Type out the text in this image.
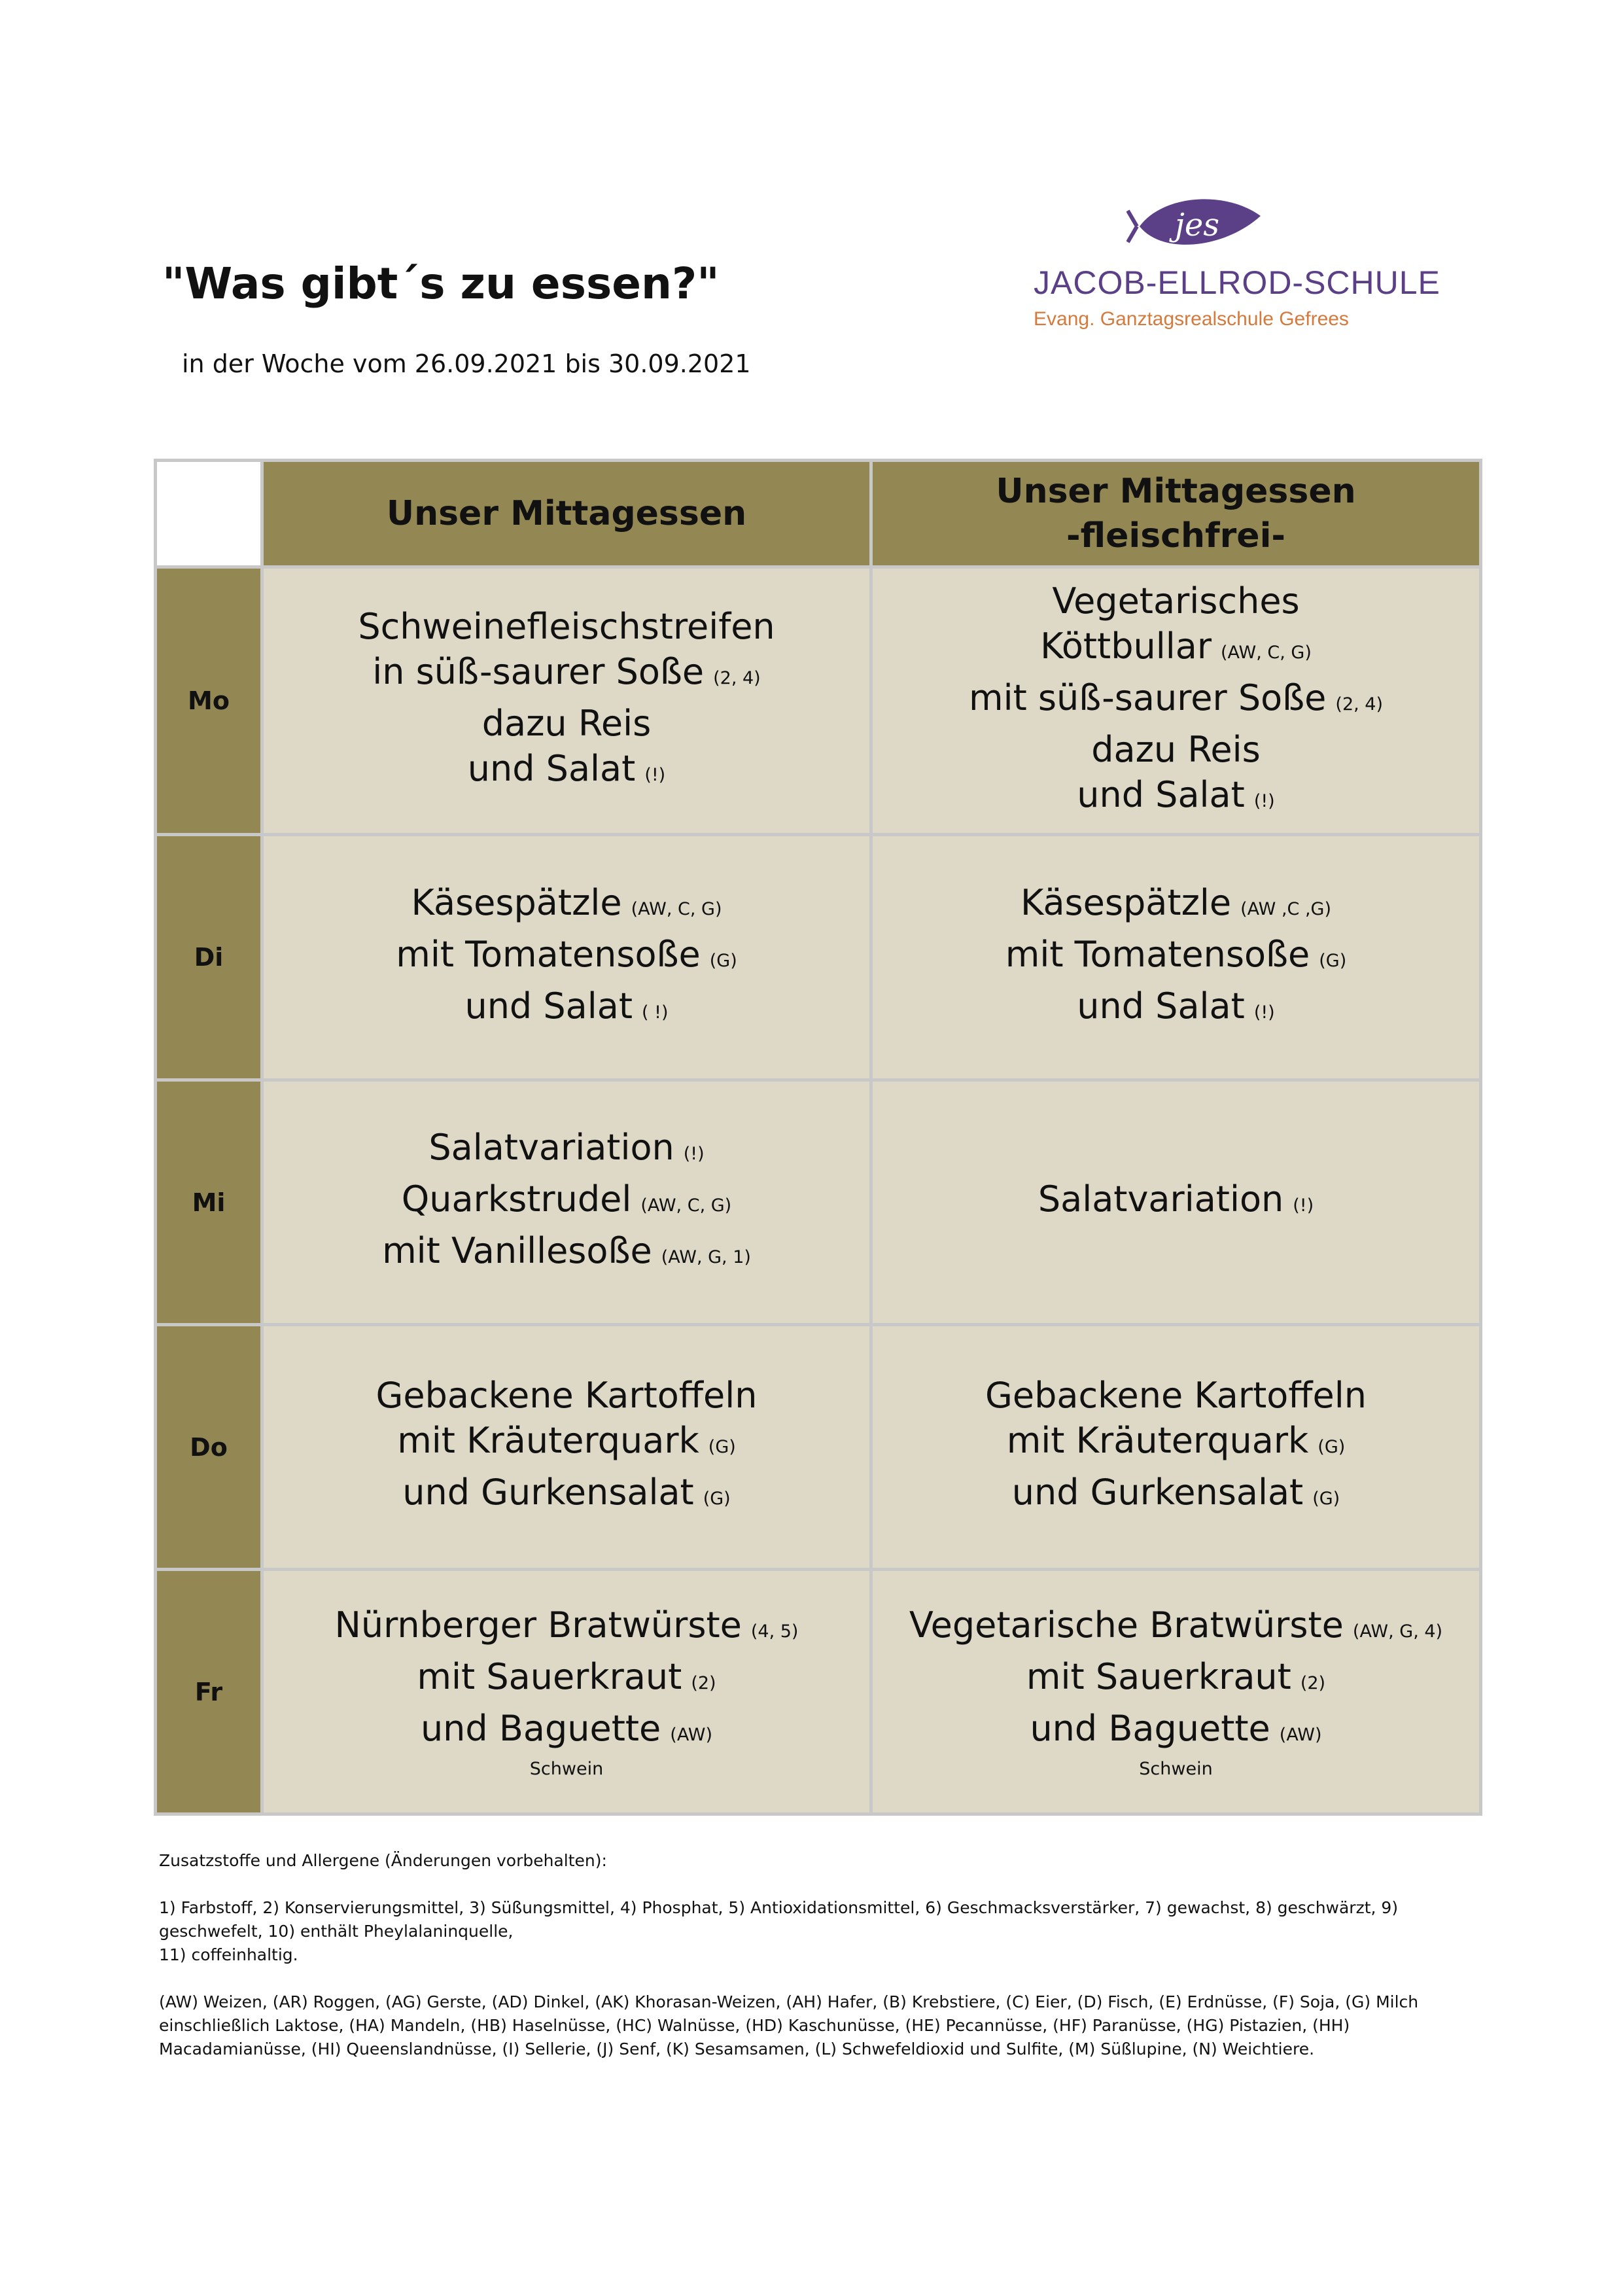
"Was gibt´s zu essen?"
in der Woche vom 26.09.2021 bis 30.09.2021
jes
JACOB-ELLROD-SCHULE
Evang. Ganztagsrealschule Gefrees
	Unser Mittagessen	Unser Mittagessen
-fleischfrei-

Mo	Schweinefleischstreifen
in süß-saurer Soße (2, 4)
dazu Reis
und Salat (!)	Vegetarisches
Köttbullar (AW, C, G)
mit süß-saurer Soße (2, 4)
dazu Reis
und Salat (!)

Di	Käsespätzle (AW, C, G)
mit Tomatensoße (G)
und Salat ( !)	Käsespätzle (AW ,C ,G)
mit Tomatensoße (G)
und Salat (!)

Mi	Salatvariation (!)
Quarkstrudel (AW, C, G)
mit Vanillesoße (AW, G, 1)	Salatvariation (!)

Do	Gebackene Kartoffeln
mit Kräuterquark (G)
und Gurkensalat (G)	Gebackene Kartoffeln
mit Kräuterquark (G)
und Gurkensalat (G)

Fr	Nürnberger Bratwürste (4, 5)
mit Sauerkraut (2)
und Baguette (AW)
Schwein	Vegetarische Bratwürste (AW, G, 4)
mit Sauerkraut (2)
und Baguette (AW)
Schwein

Zusatzstoffe und Allergene (Änderungen vorbehalten):

1) Farbstoff, 2) Konservierungsmittel, 3) Süßungsmittel, 4) Phosphat, 5) Antioxidationsmittel, 6) Geschmacksverstärker, 7) gewachst, 8) geschwärzt, 9) geschwefelt, 10) enthält Pheylalaninquelle,

11) coffeinhaltig.

(AW) Weizen, (AR) Roggen, (AG) Gerste, (AD) Dinkel, (AK) Khorasan-Weizen, (AH) Hafer, (B) Krebstiere, (C) Eier, (D) Fisch, (E) Erdnüsse, (F) Soja, (G) Milch einschließlich Laktose, (HA) Mandeln, (HB) Haselnüsse, (HC) Walnüsse, (HD) Kaschunüsse, (HE) Pecannüsse, (HF) Paranüsse, (HG) Pistazien, (HH) Macadamianüsse, (HI) Queenslandnüsse, (I) Sellerie, (J) Senf, (K) Sesamsamen, (L) Schwefeldioxid und Sulfite, (M) Süßlupine, (N) Weichtiere.
